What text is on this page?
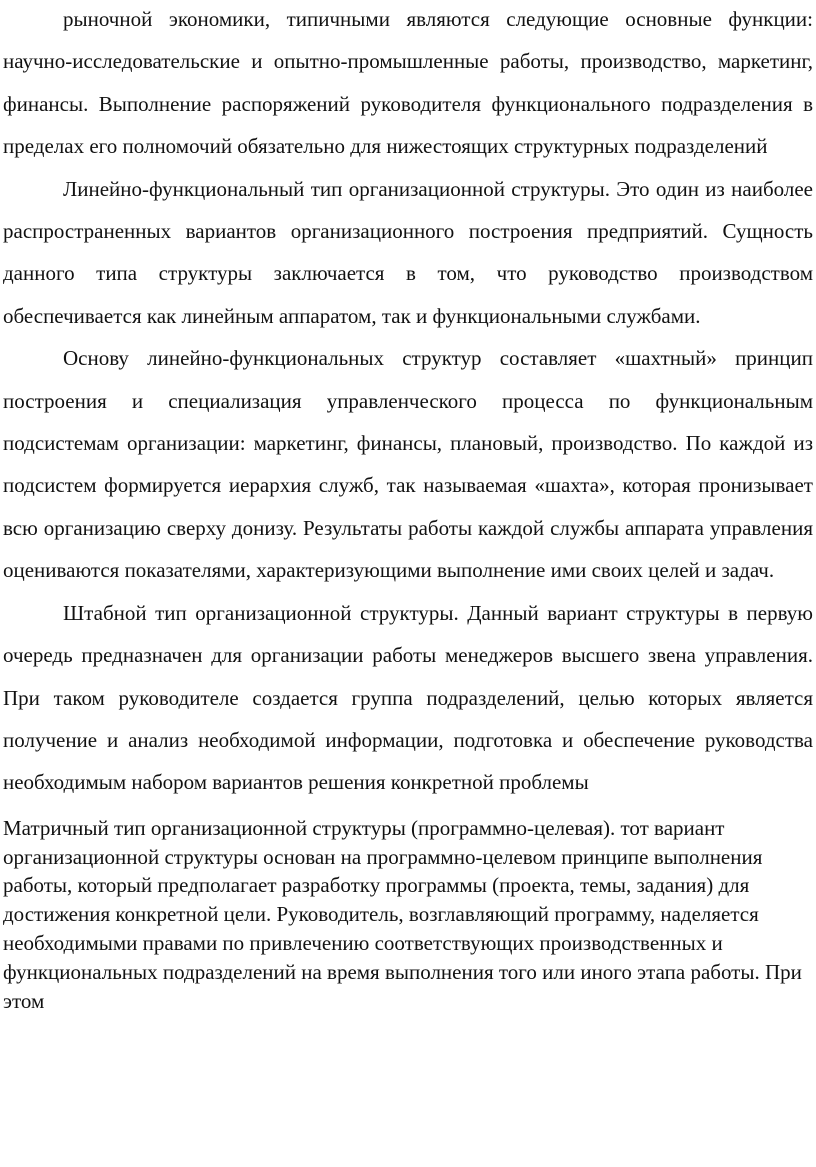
рыночной экономики, типичными являются следующие основные функции: научно-исследовательские и опытно-промышленные работы, производство, маркетинг, финансы. Выполнение распоряжений руководителя функционального подразделения в пределах его полномочий обязательно для нижестоящих структурных подразделений

Линейно-функциональный тип организационной структуры. Это один из наиболее распространенных вариантов организационного построения предприятий. Сущность данного типа структуры заключается в том, что руководство производством обеспечивается как линейным аппаратом, так и функциональными службами.

Основу линейно-функциональных структур составляет «шахтный» принцип построения и специализация управленческого процесса по функциональным подсистемам организации: маркетинг, финансы, плановый, производство. По каждой из подсистем формируется иерархия служб, так называемая «шахта», которая пронизывает всю организацию сверху донизу. Результаты работы каждой службы аппарата управления оцениваются показателями, характеризующими выполнение ими своих целей и задач.

Штабной тип организационной структуры. Данный вариант структуры в первую очередь предназначен для организации работы менеджеров высшего звена управления. При таком руководителе создается группа подразделений, целью которых является получение и анализ необходимой информации, подготовка и обеспечение руководства необходимым набором вариантов решения конкретной проблемы

Матричный тип организационной структуры (программно-целевая). тот вариант организационной структуры основан на программно-целевом принципе выполнения работы, который предполагает разработку программы (проекта, темы, задания) для достижения конкретной цели. Руководитель, возглавляющий программу, наделяется необходимыми правами по привлечению соответствующих производственных и функциональных подразделений на время выполнения того или иного этапа работы. При этом
